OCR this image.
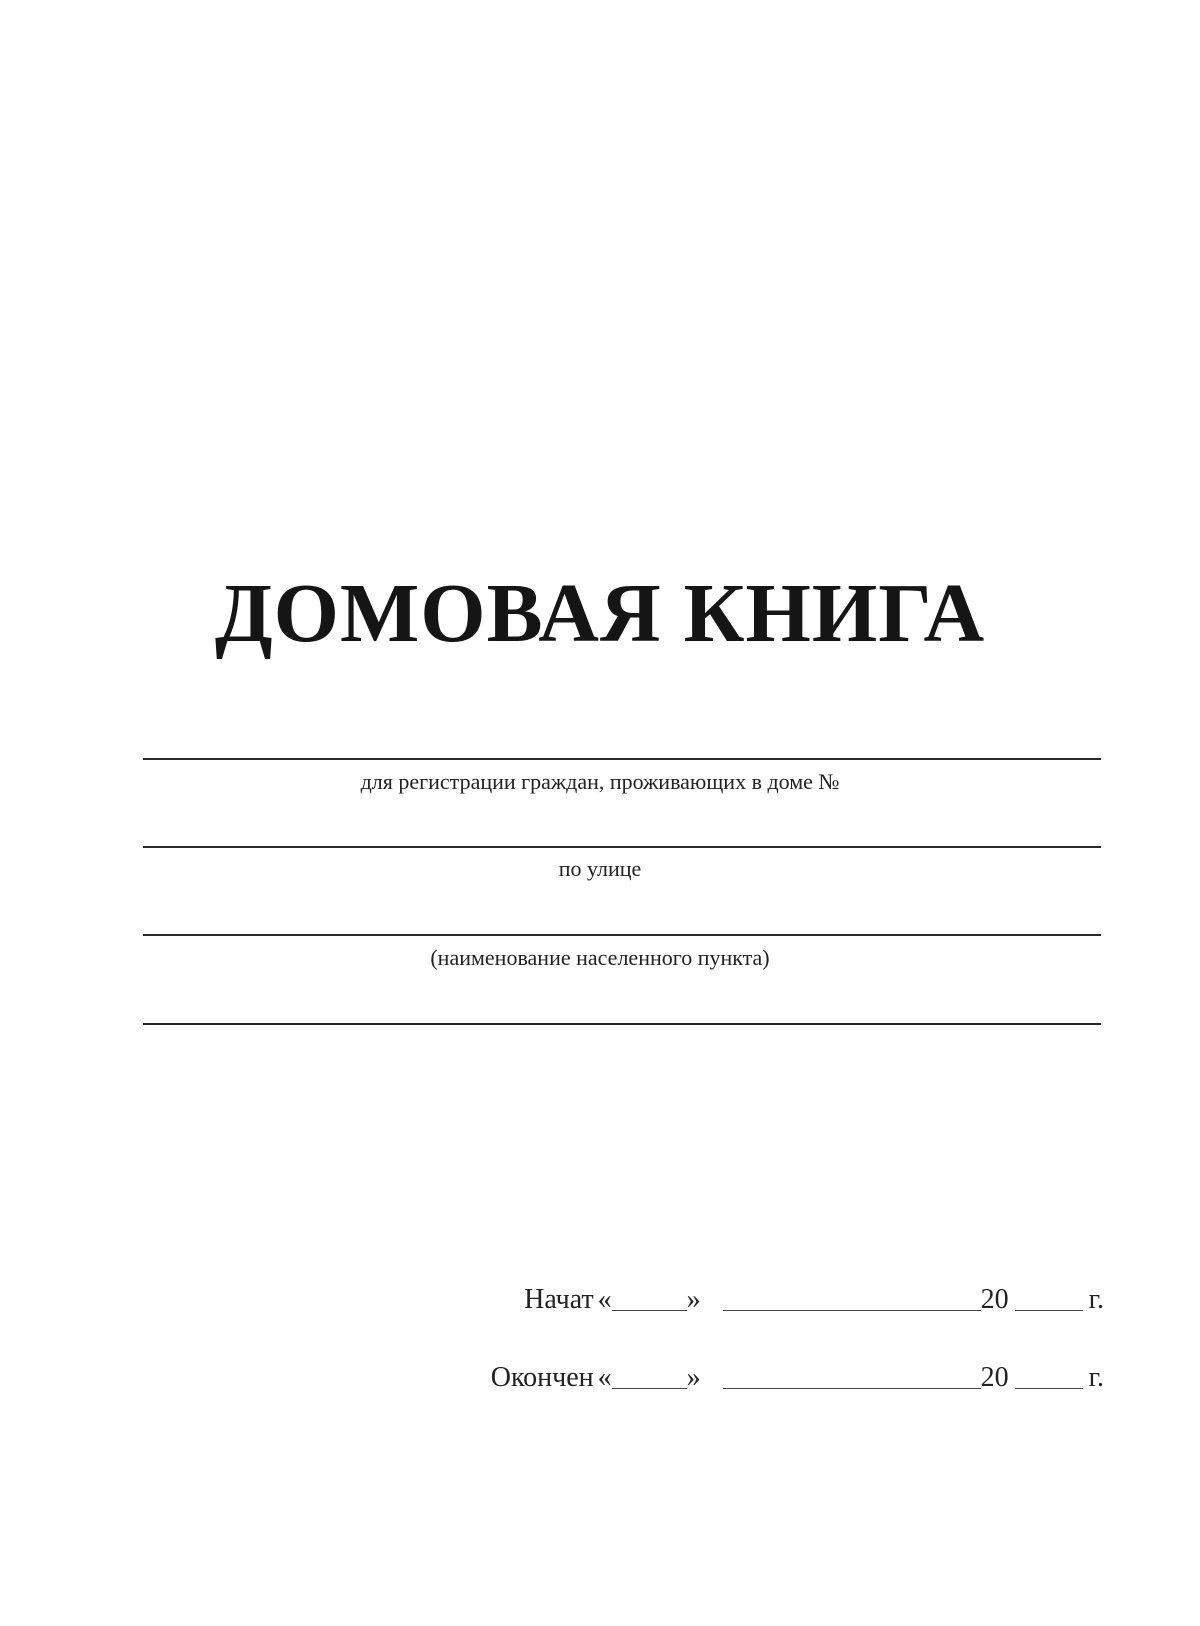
ДОМОВАЯ КНИГА
для регистрации граждан, проживающих в доме №
по улице
(наименование населенного пункта)
Начат «	»	20	г.
Окончен «	»	20	г.
